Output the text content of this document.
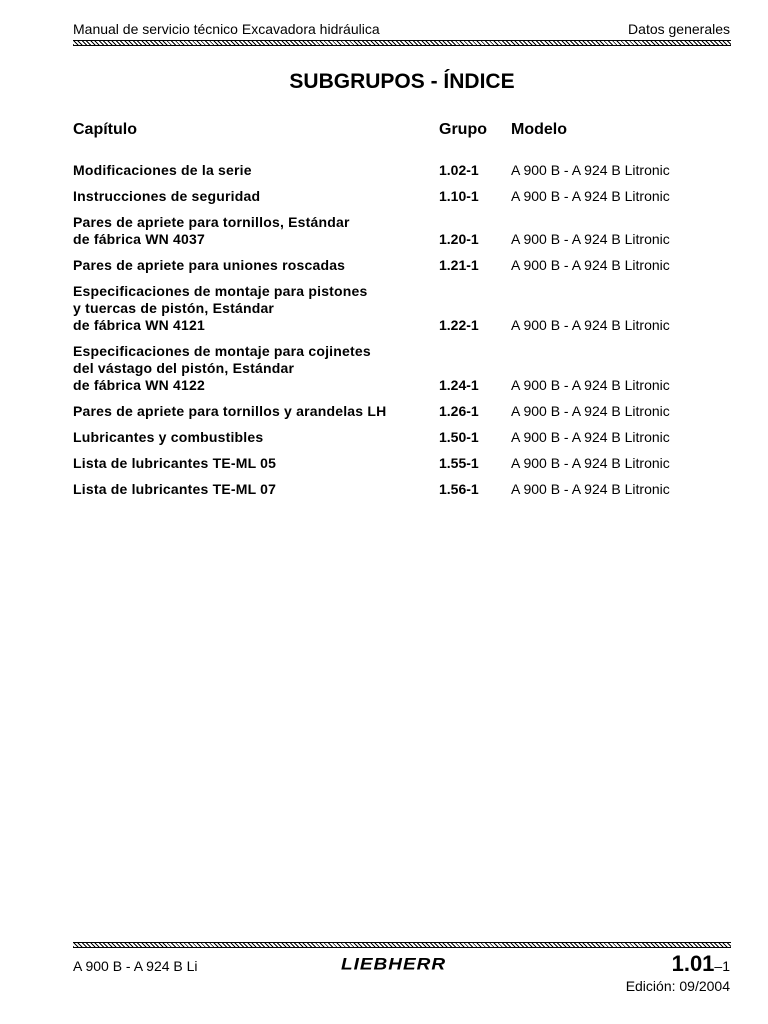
Manual de servicio técnico Excavadora hidráulica	Datos generales
SUBGRUPOS - ÍNDICE
Capítulo	Grupo Modelo
Modificaciones de la serie	1.02-1 A 900 B - A 924 B Litronic
Instrucciones de seguridad	1.10-1 A 900 B - A 924 B Litronic
Pares de apriete para tornillos, Estándar
de fábrica WN 4037	1.20-1 A 900 B - A 924 B Litronic
Pares de apriete para uniones roscadas	1.21-1 A 900 B - A 924 B Litronic
Especificaciones de montaje para pistones
y tuercas de pistón, Estándar
de fábrica WN 4121	1.22-1 A 900 B - A 924 B Litronic
Especificaciones de montaje para cojinetes
del vástago del pistón, Estándar
de fábrica WN 4122	1.24-1 A 900 B - A 924 B Litronic
Pares de apriete para tornillos y arandelas LH	1.26-1 A 900 B - A 924 B Litronic
Lubricantes y combustibles	1.50-1 A 900 B - A 924 B Litronic
Lista de lubricantes TE-ML 05	1.55-1 A 900 B - A 924 B Litronic
Lista de lubricantes TE-ML 07	1.56-1 A 900 B - A 924 B Litronic
A 900 B - A 924 B Li	LIEBHERR	1.01–1
Edición: 09/2004
